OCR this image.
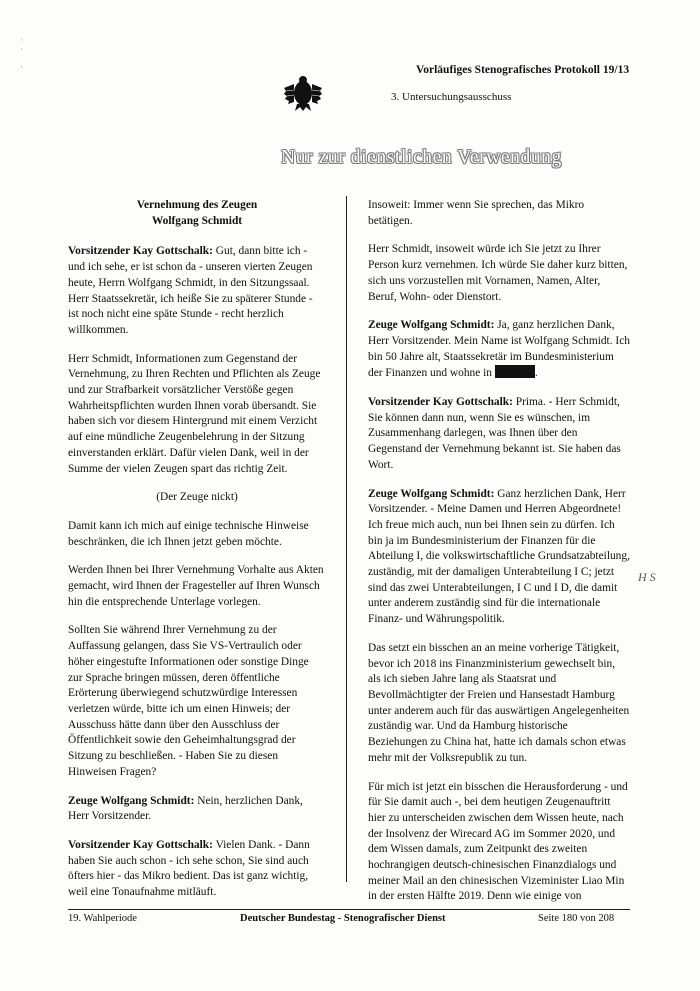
·
·

·	Vorläufiges Stenografisches Protokoll 19/13
3. Untersuchungsausschuss
Nur zur dienstlichen Verwendung

Vernehmung des Zeugen
Wolfgang Schmidt

Vorsitzender Kay Gottschalk: Gut, dann bitte ich - und ich sehe, er ist schon da - unseren vierten Zeugen heute, Herrn Wolfgang Schmidt, in den Sitzungssaal. Herr Staatssekretär, ich heiße Sie zu späterer Stunde - ist noch nicht eine späte Stunde - recht herzlich willkommen.

Herr Schmidt, Informationen zum Gegenstand der Vernehmung, zu Ihren Rechten und Pflichten als Zeuge und zur Strafbarkeit vorsätzlicher Verstöße gegen Wahrheitspflichten wurden Ihnen vorab übersandt. Sie haben sich vor diesem Hintergrund mit einem Verzicht auf eine mündliche Zeugenbelehrung in der Sitzung einverstanden erklärt. Dafür vielen Dank, weil in der Summe der vielen Zeugen spart das richtig Zeit.

(Der Zeuge nickt)

Damit kann ich mich auf einige technische Hinweise beschränken, die ich Ihnen jetzt geben möchte.

Werden Ihnen bei Ihrer Vernehmung Vorhalte aus Akten gemacht, wird Ihnen der Fragesteller auf Ihren Wunsch hin die entsprechende Unterlage vorlegen.

Sollten Sie während Ihrer Vernehmung zu der Auffassung gelangen, dass Sie VS-Vertraulich oder höher eingestufte Informationen oder sonstige Dinge zur Sprache bringen müssen, deren öffentliche Erörterung überwiegend schutzwürdige Interessen verletzen würde, bitte ich um einen Hinweis; der Ausschuss hätte dann über den Ausschluss der Öffentlichkeit sowie den Geheimhaltungsgrad der Sitzung zu beschließen. - Haben Sie zu diesen Hinweisen Fragen?

Zeuge Wolfgang Schmidt: Nein, herzlichen Dank, Herr Vorsitzender.

Vorsitzender Kay Gottschalk: Vielen Dank. - Dann haben Sie auch schon - ich sehe schon, Sie sind auch öfters hier - das Mikro bedient. Das ist ganz wichtig, weil eine Tonaufnahme mitläuft.

Insoweit: Immer wenn Sie sprechen, das Mikro betätigen.

Herr Schmidt, insoweit würde ich Sie jetzt zu Ihrer Person kurz vernehmen. Ich würde Sie daher kurz bitten, sich uns vorzustellen mit Vornamen, Namen, Alter, Beruf, Wohn- oder Dienstort.

Zeuge Wolfgang Schmidt: Ja, ganz herzlichen Dank, Herr Vorsitzender. Mein Name ist Wolfgang Schmidt. Ich bin 50 Jahre alt, Staatssekretär im Bundesministerium der Finanzen und wohne in	.

Vorsitzender Kay Gottschalk: Prima. - Herr Schmidt, Sie können dann nun, wenn Sie es wünschen, im Zusammenhang darlegen, was Ihnen über den Gegenstand der Vernehmung bekannt ist. Sie haben das Wort.

Zeuge Wolfgang Schmidt: Ganz herzlichen Dank, Herr Vorsitzender. - Meine Damen und Herren Abgeordnete! Ich freue mich auch, nun bei Ihnen sein zu dürfen. Ich bin ja im Bundesministerium der Finanzen für die Abteilung I, die volkswirtschaftliche Grundsatzabteilung, zuständig, mit der damaligen Unterabteilung I C; jetzt sind das zwei Unterabteilungen, I C und I D, die damit unter anderem zuständig sind für die internationale Finanz- und Währungspolitik.

Das setzt ein bisschen an an meine vorherige Tätigkeit, bevor ich 2018 ins Finanzministerium gewechselt bin, als ich sieben Jahre lang als Staatsrat und Bevollmächtigter der Freien und Hansestadt Hamburg unter anderem auch für das auswärtigen Angelegenheiten zuständig war. Und da Hamburg historische Beziehungen zu China hat, hatte ich damals schon etwas mehr mit der Volksrepublik zu tun.

Für mich ist jetzt ein bisschen die Herausforderung - und für Sie damit auch -, bei dem heutigen Zeugenauftritt hier zu unterscheiden zwischen dem Wissen heute, nach der Insolvenz der Wirecard AG im Sommer 2020, und dem Wissen damals, zum Zeitpunkt des zweiten hochrangigen deutsch-chinesischen Finanzdialogs und meiner Mail an den chinesischen Vizeminister Liao Min in der ersten Hälfte 2019. Denn wie einige von

H S
19. Wahlperiode	Deutscher Bundestag - Stenografischer Dienst	Seite 180 von 208
